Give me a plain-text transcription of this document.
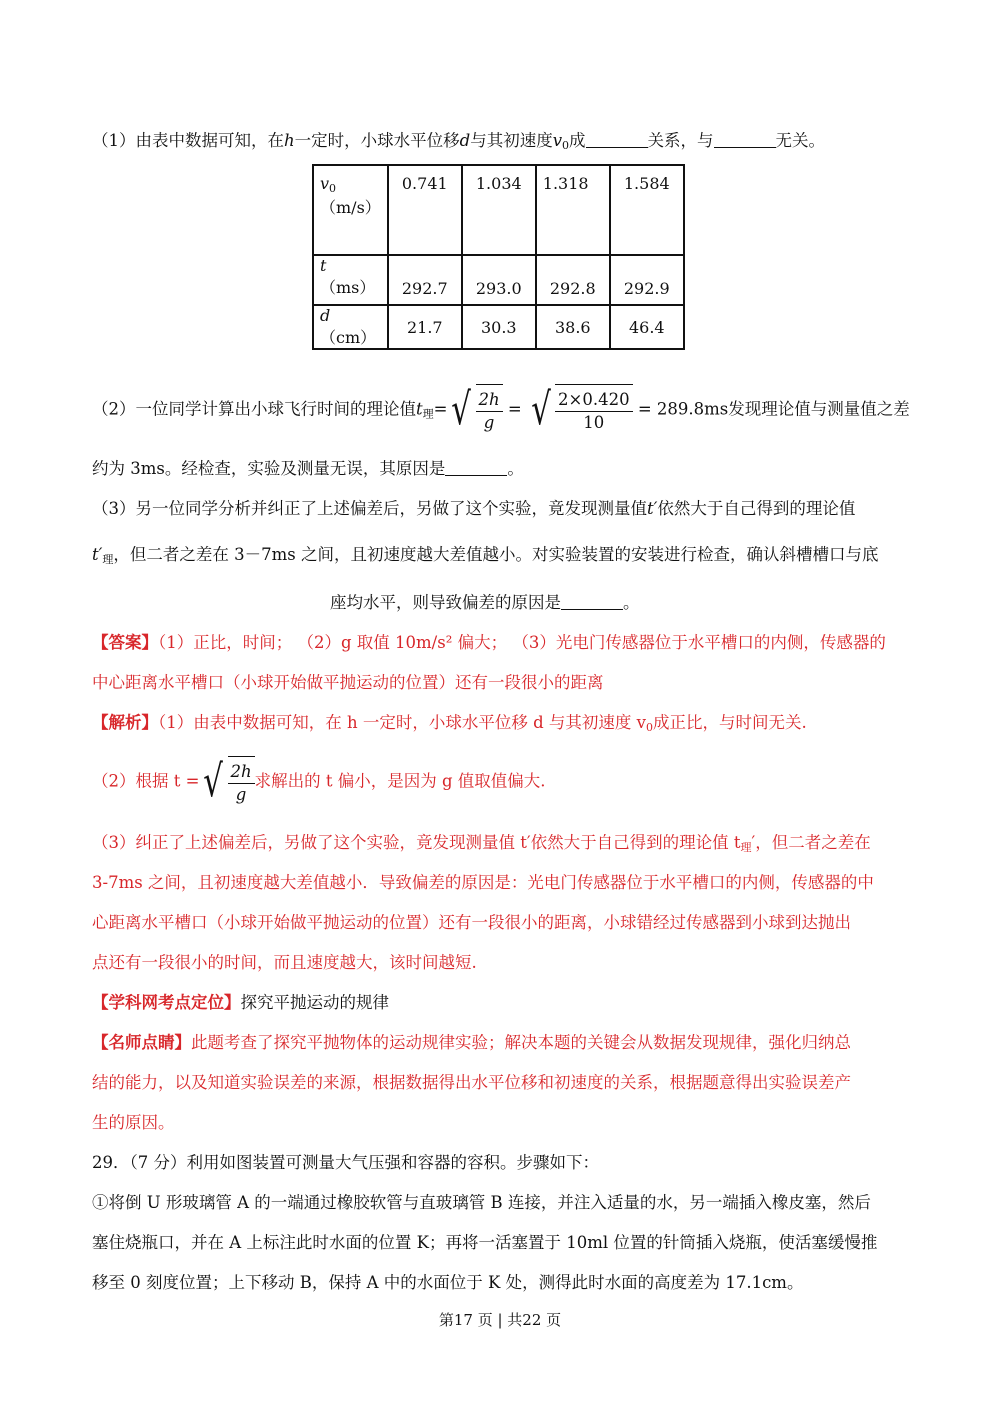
（1）由表中数据可知，在h一定时，小球水平位移d与其初速度$v_0$成	关系，与	无关。
$v_0(m/s)$	0.741	1.034	1.318	1.584
t（ms）	292.7	293.0	292.8	292.9
d（cm）	21.7	30.3	38.6	46.4
（2）一位同学计算出小球飞行时间的理论值$t_理=√ \frac{2h}{g}$ = √ $\frac{2\times 0.420}{10} = 289.8ms$发现理论值与测量值之差
约为 3ms。经检查，实验及测量无误，其原因是	。
（3）另一位同学分析并纠正了上述偏差后，另做了这个实验，竟发现测量值t′依然大于自己得到的理论值
$t'_理$，但二者之差在 3－7ms 之间，且初速度越大差值越小。对实验装置的安装进行检查，确认斜槽槽口与底
座均水平，则导致偏差的原因是	。
【答案】（1）正比，时间； （2）g 取值 10m/s² 偏大； （3）光电门传感器位于水平槽口的内侧，传感器的
中心距离水平槽口（小球开始做平抛运动的位置）还有一段很小的距离
【解析】（1）由表中数据可知，在 h 一定时，小球水平位移 d 与其初速度 $v_0$成正比，与时间无关.
（2）根据 t =√ $\frac{2h}{g}$ 求解出的 t 偏小，是因为 g 值取值偏大.
（3）纠正了上述偏差后，另做了这个实验，竟发现测量值 t′依然大于自己得到的理论值 $t_理'$，但二者之差在
3-7ms 之间，且初速度越大差值越小．导致偏差的原因是：光电门传感器位于水平槽口的内侧，传感器的中
心距离水平槽口（小球开始做平抛运动的位置）还有一段很小的距离，小球错经过传感器到小球到达抛出
点还有一段很小的时间，而且速度越大，该时间越短.
【学科网考点定位】探究平抛运动的规律
【名师点睛】此题考查了探究平抛物体的运动规律实验；解决本题的关键会从数据发现规律，强化归纳总
结的能力，以及知道实验误差的来源，根据数据得出水平位移和初速度的关系，根据题意得出实验误差产
生的原因。
29．（7 分）利用如图装置可测量大气压强和容器的容积。步骤如下：
①将倒 U 形玻璃管 A 的一端通过橡胶软管与直玻璃管 B 连接，并注入适量的水，另一端插入橡皮塞，然后
塞住烧瓶口，并在 A 上标注此时水面的位置 K；再将一活塞置于 10ml 位置的针筒插入烧瓶，使活塞缓慢推
移至 0 刻度位置；上下移动 B，保持 A 中的水面位于 K 处，测得此时水面的高度差为 17.1cm。
第17 页 | 共22 页
